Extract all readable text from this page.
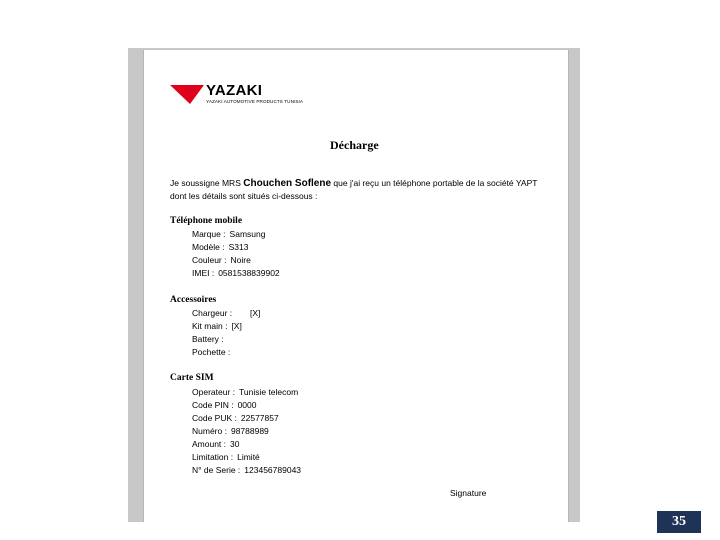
YAZAKI
YAZAKI AUTOMOTIVE PRODUCTS TUNISIA
Décharge
Je soussigne MRS Chouchen Soflene que j'ai reçu un téléphone portable de la société YAPT dont les détails sont situés ci-dessous :
Téléphone mobile
Marque : Samsung
Modèle : S313
Couleur : Noire
IMEI : 0581538839902
Accessoires
Chargeur : [X]
Kit main : [X]
Battery :
Pochette :
Carte SIM
Operateur : Tunisie telecom
Code PIN : 0000
Code PUK : 22577857
Numéro : 98788989
Amount : 30
Limitation : Limité
N° de Serie : 123456789043
Signature
35
